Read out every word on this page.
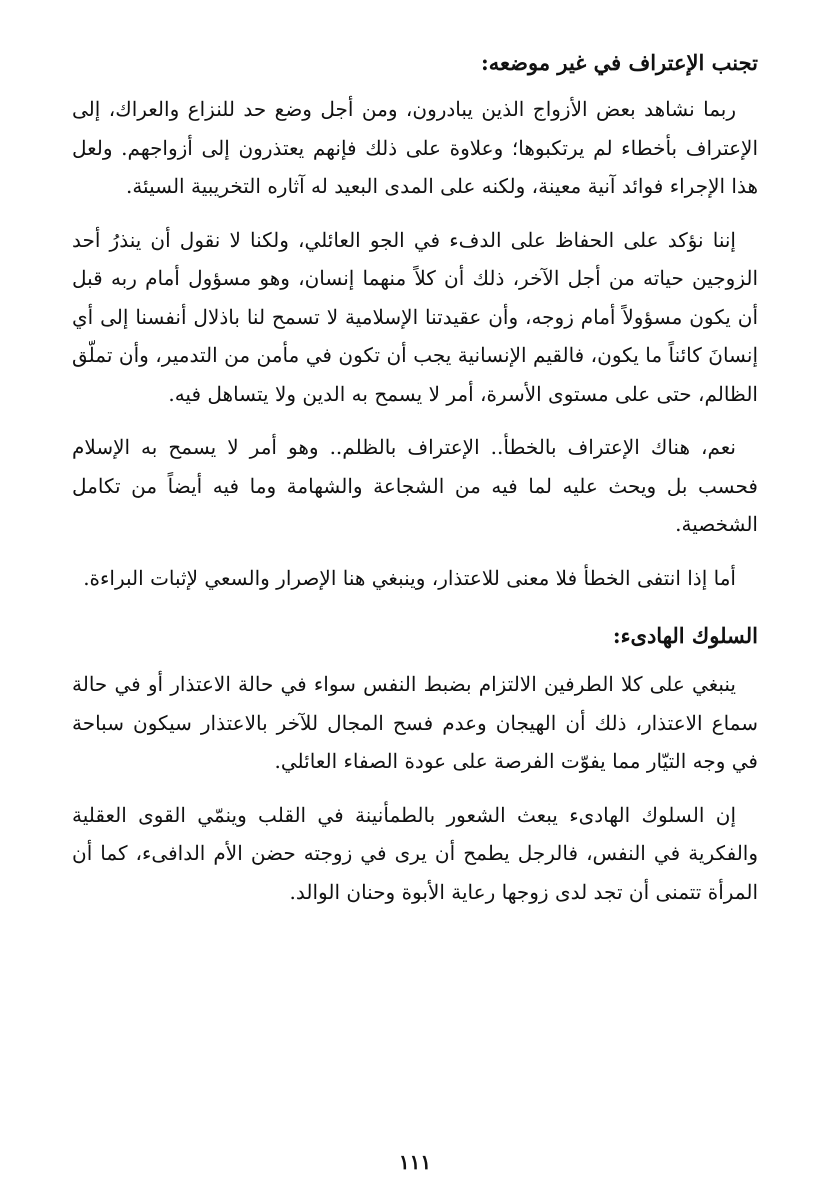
تجنب الإعتراف في غير موضعه:

ربما نشاهد بعض الأزواج الذين يبادرون، ومن أجل وضع حد للنزاع والعراك، إلى الإعتراف بأخطاء لم يرتكبوها؛ وعلاوة على ذلك فإنهم يعتذرون إلى أزواجهم. ولعل هذا الإجراء فوائد آنية معينة، ولكنه على المدى البعيد له آثاره التخريبية السيئة.

إننا نؤكد على الحفاظ على الدفء في الجو العائلي، ولكنا لا نقول أن ينذرُ أحد الزوجين حياته من أجل الآخر، ذلك أن كلاً منهما إنسان، وهو مسؤول أمام ربه قبل أن يكون مسؤولاً أمام زوجه، وأن عقيدتنا الإسلامية لا تسمح لنا باذلال أنفسنا إلى أي إنسانَ كائناً ما يكون، فالقيم الإنسانية يجب أن تكون في مأمن من التدمير، وأن تملّق الظالم، حتى على مستوى الأسرة، أمر لا يسمح به الدين ولا يتساهل فيه.

نعم، هناك الإعتراف بالخطأ.. الإعتراف بالظلم.. وهو أمر لا يسمح به الإسلام فحسب بل ويحث عليه لما فيه من الشجاعة والشهامة وما فيه أيضاً من تكامل الشخصية.

أما إذا انتفى الخطأ فلا معنى للاعتذار، وينبغي هنا الإصرار والسعي لإثبات البراءة.

السلوك الهادىء:

ينبغي على كلا الطرفين الالتزام بضبط النفس سواء في حالة الاعتذار أو في حالة سماع الاعتذار، ذلك أن الهيجان وعدم فسح المجال للآخر بالاعتذار سيكون سباحة في وجه التيّار مما يفوّت الفرصة على عودة الصفاء العائلي.

إن السلوك الهادىء يبعث الشعور بالطمأنينة في القلب وينمّي القوى العقلية والفكرية في النفس، فالرجل يطمح أن يرى في زوجته حضن الأم الدافىء، كما أن المرأة تتمنى أن تجد لدى زوجها رعاية الأبوة وحنان الوالد.

١١١
